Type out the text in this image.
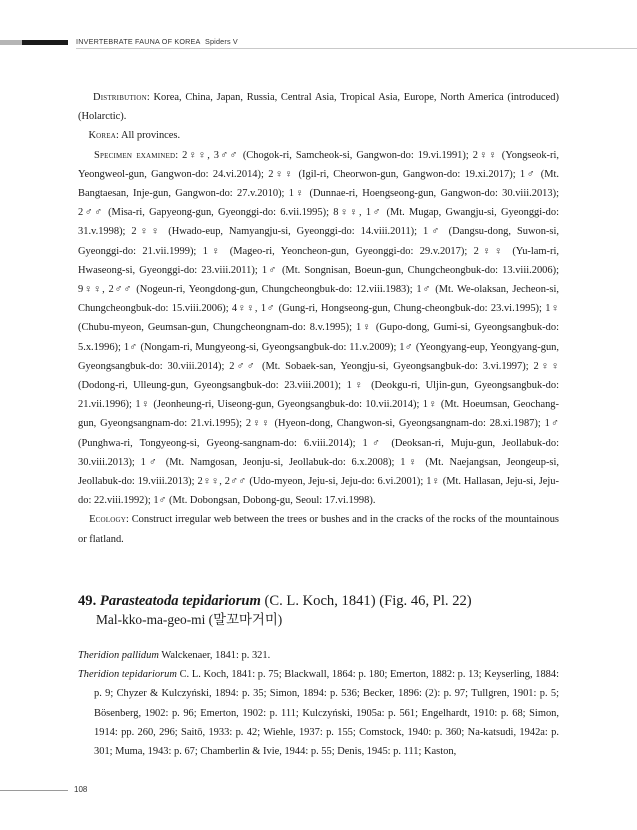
INVERTEBRATE FAUNA OF KOREA Spiders V

Distribution: Korea, China, Japan, Russia, Central Asia, Tropical Asia, Europe, North America (introduced) (Holarctic).

Korea: All provinces.

Specimen examined: 2♀♀, 3♂♂ (Chogok-ri, Samcheok-si, Gangwon-do: 19.vi.1991); 2♀♀ (Yongseok-ri, Yeongweol-gun, Gangwon-do: 24.vi.2014); 2♀♀ (Igil-ri, Cheorwon-gun, Gangwon-do: 19.xi.2017); 1♂ (Mt. Bangtaesan, Inje-gun, Gangwon-do: 27.v.2010); 1♀ (Dunnae-ri, Hoengseong-gun, Gangwon-do: 30.viii.2013); 2♂♂ (Misa-ri, Gapyeong-gun, Gyeonggi-do: 6.vii.1995); 8♀♀, 1♂ (Mt. Mugap, Gwangju-si, Gyeonggi-do: 31.v.1998); 2♀♀ (Hwado-eup, Namyangju-si, Gyeonggi-do: 14.viii.2011); 1♂ (Dangsu-dong, Suwon-si, Gyeonggi-do: 21.vii.1999); 1♀ (Mageo-ri, Yeoncheon-gun, Gyeonggi-do: 29.v.2017); 2♀♀ (Yu-lam-ri, Hwaseong-si, Gyeonggi-do: 23.viii.2011); 1♂ (Mt. Songnisan, Boeun-gun, Chungcheongbuk-do: 13.viii.2006); 9♀♀, 2♂♂ (Nogeun-ri, Yeongdong-gun, Chungcheongbuk-do: 12.viii.1983); 1♂ (Mt. We-olaksan, Jecheon-si, Chungcheongbuk-do: 15.viii.2006); 4♀♀, 1♂ (Gung-ri, Hongseong-gun, Chung-cheongbuk-do: 23.vi.1995); 1♀ (Chubu-myeon, Geumsan-gun, Chungcheongnam-do: 8.v.1995); 1♀ (Gupo-dong, Gumi-si, Gyeongsangbuk-do: 5.x.1996); 1♂ (Nongam-ri, Mungyeong-si, Gyeongsangbuk-do: 11.v.2009); 1♂ (Yeongyang-eup, Yeongyang-gun, Gyeongsangbuk-do: 30.viii.2014); 2♂♂ (Mt. Sobaek-san, Yeongju-si, Gyeongsangbuk-do: 3.vi.1997); 2♀♀ (Dodong-ri, Ulleung-gun, Gyeongsangbuk-do: 23.viii.2001); 1♀ (Deokgu-ri, Uljin-gun, Gyeongsangbuk-do: 21.vii.1996); 1♀ (Jeonheung-ri, Uiseong-gun, Gyeongsangbuk-do: 10.vii.2014); 1♀ (Mt. Hoeumsan, Geochang-gun, Gyeongsangnam-do: 21.vi.1995); 2♀♀ (Hyeon-dong, Changwon-si, Gyeongsangnam-do: 28.xi.1987); 1♂ (Punghwa-ri, Tongyeong-si, Gyeong-sangnam-do: 6.viii.2014); 1♂ (Deoksan-ri, Muju-gun, Jeollabuk-do: 30.viii.2013); 1♂ (Mt. Namgosan, Jeonju-si, Jeollabuk-do: 6.x.2008); 1♀ (Mt. Naejangsan, Jeongeup-si, Jeollabuk-do: 19.viii.2013); 2♀♀, 2♂♂ (Udo-myeon, Jeju-si, Jeju-do: 6.vi.2001); 1♀ (Mt. Hallasan, Jeju-si, Jeju-do: 22.viii.1992); 1♂ (Mt. Dobongsan, Dobong-gu, Seoul: 17.vi.1998).

Ecology: Construct irregular web between the trees or bushes and in the cracks of the rocks of the mountainous or flatland.

49. Parasteatoda tepidariorum (C. L. Koch, 1841) (Fig. 46, Pl. 22)
Mal-kko-ma-geo-mi (말꼬마거미)

Theridion pallidum Walckenaer, 1841: p. 321.

Theridion tepidariorum C. L. Koch, 1841: p. 75; Blackwall, 1864: p. 180; Emerton, 1882: p. 13; Keyserling, 1884: p. 9; Chyzer & Kulczyński, 1894: p. 35; Simon, 1894: p. 536; Becker, 1896: (2): p. 97; Tullgren, 1901: p. 5; Bösenberg, 1902: p. 96; Emerton, 1902: p. 111; Kulczyński, 1905a: p. 561; Engelhardt, 1910: p. 68; Simon, 1914: pp. 260, 296; Saitō, 1933: p. 42; Wiehle, 1937: p. 155; Comstock, 1940: p. 360; Na-katsudi, 1942a: p. 301; Muma, 1943: p. 67; Chamberlin & Ivie, 1944: p. 55; Denis, 1945: p. 111; Kaston,

108
